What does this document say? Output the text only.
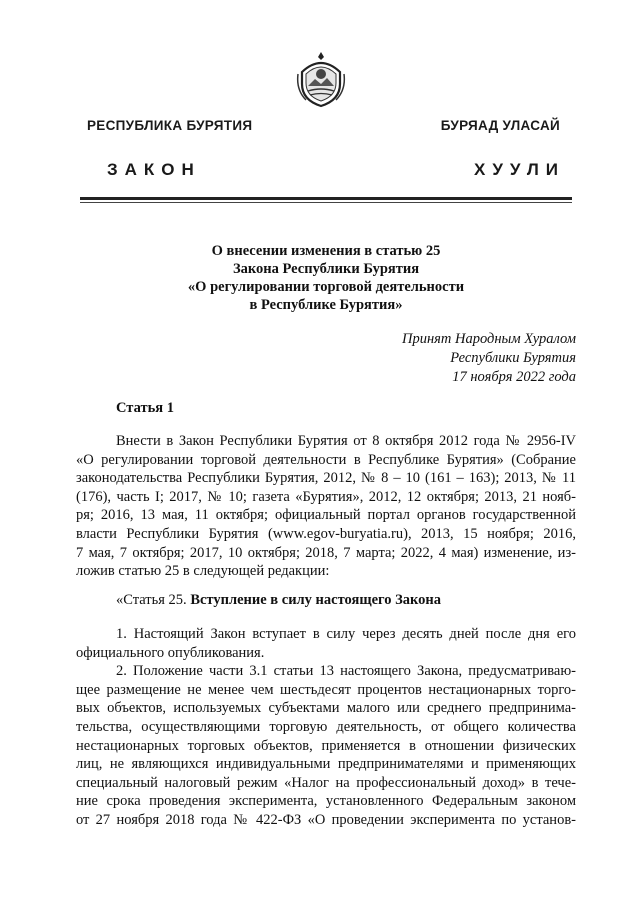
РЕСПУБЛИКА БУРЯТИЯ	БУРЯАД УЛАСАЙ
ЗАКОН	ХУУЛИ
О внесении изменения в статью 25
Закона Республики Бурятия
«О регулировании торговой деятельности
в Республике Бурятия»
Принят Народным Хуралом
Республики Бурятия
17 ноября 2022 года
Статья 1
Внести в Закон Республики Бурятия от 8 октября 2012 года № 2956-IV
«О регулировании торговой деятельности в Республике Бурятия» (Собрание
законодательства Республики Бурятия, 2012, № 8 – 10 (161 – 163); 2013, № 11
(176), часть I; 2017, № 10; газета «Бурятия», 2012, 12 октября; 2013, 21 нояб-
ря; 2016, 13 мая, 11 октября; официальный портал органов государственной
власти Республики Бурятия (www.egov-buryatia.ru), 2013, 15 ноября; 2016,
7 мая, 7 октября; 2017, 10 октября; 2018, 7 марта; 2022, 4 мая) изменение, из-
ложив статью 25 в следующей редакции:
«Статья 25. Вступление в силу настоящего Закона
1. Настоящий Закон вступает в силу через десять дней после дня его
официального опубликования.
2. Положение части 3.1 статьи 13 настоящего Закона, предусматриваю-
щее размещение не менее чем шестьдесят процентов нестационарных торго-
вых объектов, используемых субъектами малого или среднего предпринима-
тельства, осуществляющими торговую деятельность, от общего количества
нестационарных торговых объектов, применяется в отношении физических
лиц, не являющихся индивидуальными предпринимателями и применяющих
специальный налоговый режим «Налог на профессиональный доход» в тече-
ние срока проведения эксперимента, установленного Федеральным законом
от 27 ноября 2018 года № 422-ФЗ «О проведении эксперимента по установ-
